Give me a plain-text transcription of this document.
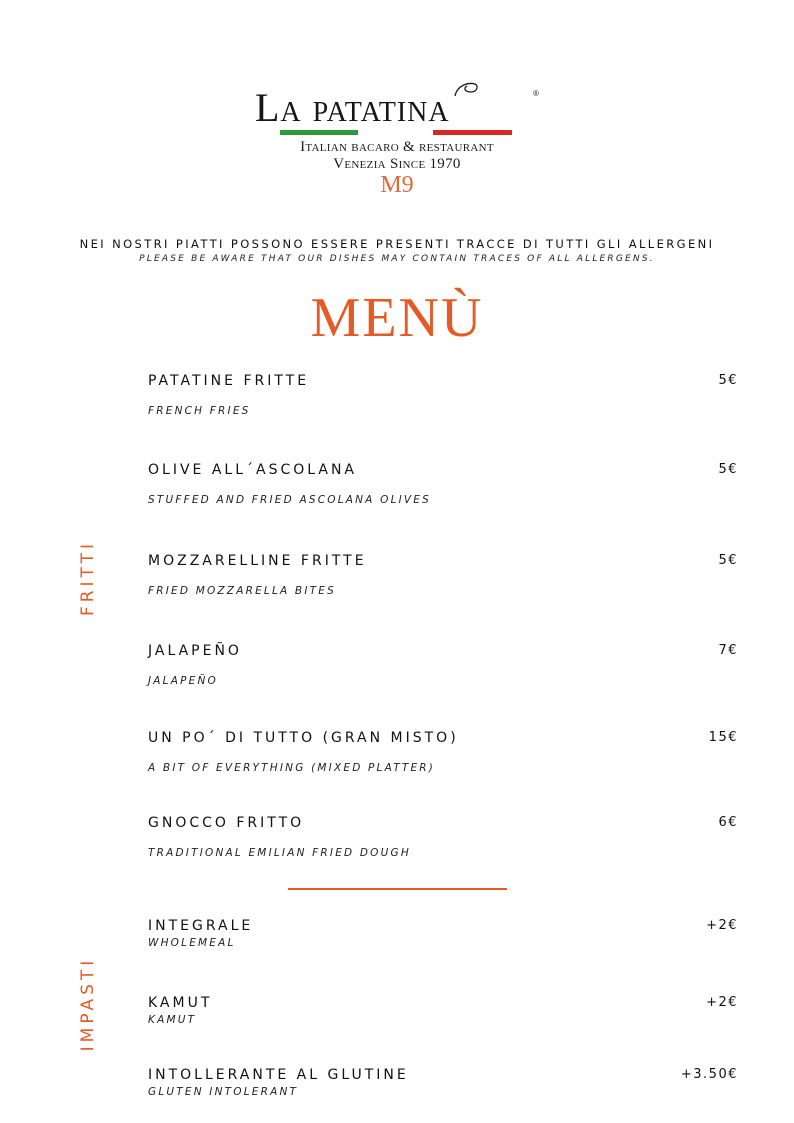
La patatina	®
Italian bacaro & restaurant
Venezia Since 1970
M9
NEI NOSTRI PIATTI POSSONO ESSERE PRESENTI TRACCE DI TUTTI GLI ALLERGENI
PLEASE BE AWARE THAT OUR DISHES MAY CONTAIN TRACES OF ALL ALLERGENS.
MENÙ
FRITTI
PATATINE FRITTE
FRENCH FRIES
5€
OLIVE ALL´ASCOLANA
STUFFED AND FRIED ASCOLANA OLIVES
5€
MOZZARELLINE FRITTE
FRIED MOZZARELLA BITES
5€
JALAPEÑO
JALAPEÑO
7€
UN PO´ DI TUTTO (GRAN MISTO)
A BIT OF EVERYTHING (MIXED PLATTER)
15€
GNOCCO FRITTO
TRADITIONAL EMILIAN FRIED DOUGH
6€
IMPASTI
INTEGRALE
WHOLEMEAL
+2€
KAMUT
KAMUT
+2€
INTOLLERANTE AL GLUTINE
GLUTEN INTOLERANT
+3.50€
